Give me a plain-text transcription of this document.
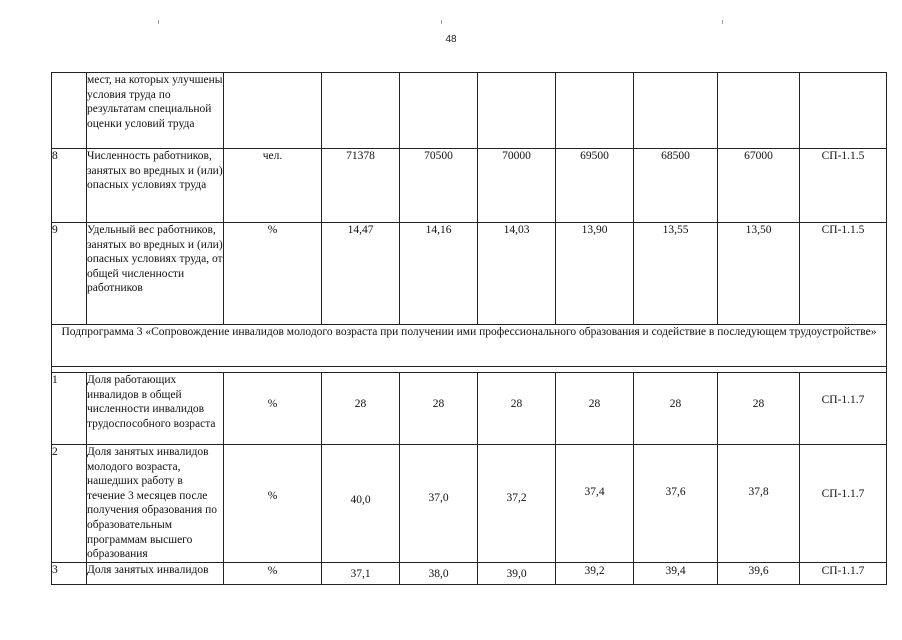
48
	мест, на которых улучшены условия труда по результатам специальной оценки условий труда								
8	Численность работников, занятых во вредных и (или) опасных условиях труда	чел.	71378	70500	70000	69500	68500	67000	СП-1.1.5
9	Удельный вес работников, занятых во вредных и (или) опасных условиях труда, от общей численности работников	%	14,47	14,16	14,03	13,90	13,55	13,50	СП-1.1.5
Подпрограмма 3 «Сопровождение инвалидов молодого возраста при получении ими профессионального образования и содействие в последующем трудоустройстве»									

1	Доля работающих инвалидов в общей численности инвалидов трудоспособного возраста	%	28	28	28	28	28	28	СП-1.1.7
2	Доля занятых инвалидов молодого возраста, нашедших работу в течение 3 месяцев после получения образования по образовательным программам высшего образования	%	40,0	37,0	37,2	37,4	37,6	37,8	СП-1.1.7
3	Доля занятых инвалидов	%	37,1	38,0	39,0	39,2	39,4	39,6	СП-1.1.7
